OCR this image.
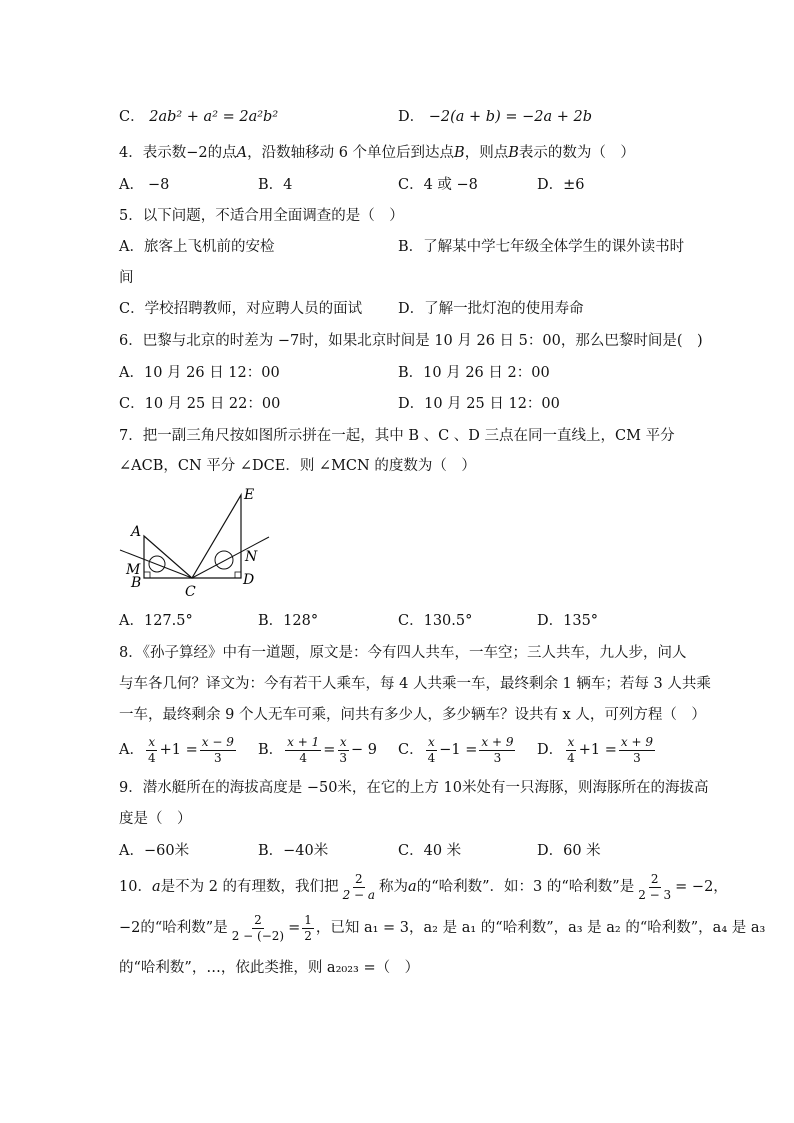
C． 2ab² + a² = 2a²b²	D． −2(a + b) = −2a + 2b
4．表示数−2的点A，沿数轴移动 6 个单位后到达点B，则点B表示的数为（　）
A． −8	B．4	C．4 或 −8	D．±6
5．以下问题，不适合用全面调查的是（　）
A．旅客上飞机前的安检	B．了解某中学七年级全体学生的课外读书时
间
C．学校招聘教师，对应聘人员的面试 D．了解一批灯泡的使用寿命
6．巴黎与北京的时差为 −7时，如果北京时间是 10 月 26 日 5：00，那么巴黎时间是(　)
A．10 月 26 日 12：00	B．10 月 26 日 2：00
C．10 月 25 日 22：00	D．10 月 25 日 12：00
7．把一副三角尺按如图所示拼在一起，其中 B 、C 、D 三点在同一直线上，CM 平分
∠ACB，CN 平分 ∠DCE．则 ∠MCN 的度数为（　）
A
M
B
C
D
E
N
A．127.5°	B．128°	C．130.5°	D．135°
8．《孙子算经》中有一道题，原文是：今有四人共车，一车空；三人共车，九人步，问人
与车各几何？译文为：今有若干人乘车，每 4 人共乘一车，最终剩余 1 辆车；若每 3 人共乘
一车，最终剩余 9 个人无车可乘，问共有多少人，多少辆车？设共有 x 人，可列方程（　）
A． $\frac{x}{4} +1 = \frac{x - 9}{3}$ B． $\frac{x + 1}{4} = \frac{x}{3} - 9$ C． $\frac{x}{4} -1 = \frac{x + 9}{3}$ D． $\frac{x}{4} +1 = \frac{x + 9}{3}$
9．潜水艇所在的海拔高度是 −50米，在它的上方 10米处有一只海豚，则海豚所在的海拔高
度是（　）
A．−60米	B．−40米	C．40 米	D．60 米
10． a 是不为 2 的有理数，我们把 $\frac{2}{2 - a}$ 称为 a 的“哈利数”．如：3 的“哈利数”是 $\frac{2}{2 - 3} = -2$，
−2的“哈利数”是 $\frac{2}{2 - (-2)} = \frac{1}{2}$ ，已知 a₁ = 3，a₂ 是 a₁ 的“哈利数”，a₃ 是 a₂ 的“哈利数”，a₄ 是 a₃
的“哈利数”，…，依此类推，则 a₂₀₂₃ =（　）
